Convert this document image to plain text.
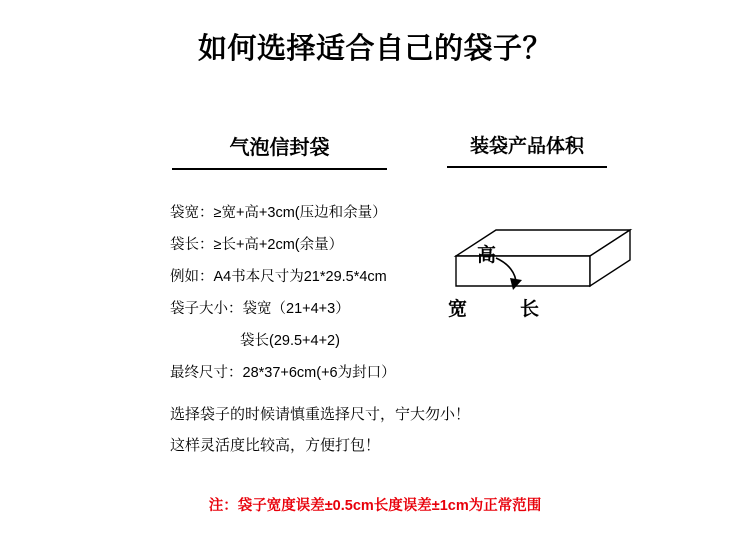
如何选择适合自己的袋子？
气泡信封袋	装袋产品体积
袋宽：≥宽+高+3cm(压边和余量）
袋长：≥长+高+2cm(余量）
例如：A4书本尺寸为21*29.5*4cm
袋子大小：袋宽（21+4+3）
袋长(29.5+4+2)
最终尺寸：28*37+6cm(+6为封口）
选择袋子的时候请慎重选择尺寸，宁大勿小！
这样灵活度比较高，方便打包！
注：袋子宽度误差±0.5cm长度误差±1cm为正常范围
高
宽	长
